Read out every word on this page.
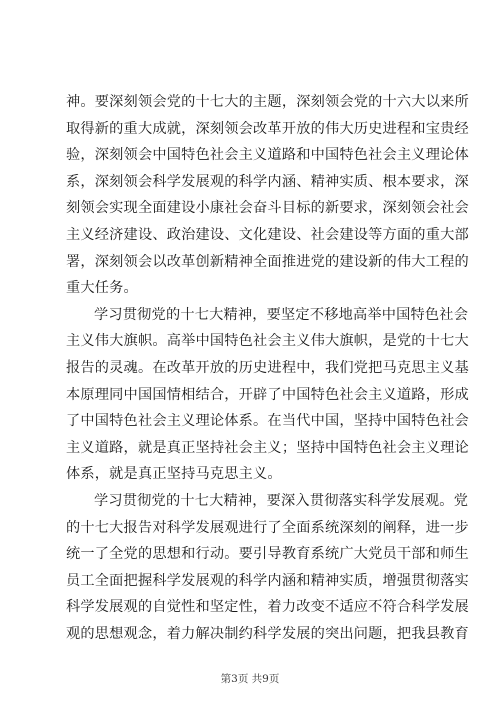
神。要深刻领会党的十七大的主题，深刻领会党的十六大以来所
取得新的重大成就，深刻领会改革开放的伟大历史进程和宝贵经
验，深刻领会中国特色社会主义道路和中国特色社会主义理论体
系，深刻领会科学发展观的科学内涵、精神实质、根本要求，深
刻领会实现全面建设小康社会奋斗目标的新要求，深刻领会社会
主义经济建设、政治建设、文化建设、社会建设等方面的重大部
署，深刻领会以改革创新精神全面推进党的建设新的伟大工程的
重大任务。
学习贯彻党的十七大精神，要坚定不移地高举中国特色社会
主义伟大旗帜。高举中国特色社会主义伟大旗帜，是党的十七大
报告的灵魂。在改革开放的历史进程中，我们党把马克思主义基
本原理同中国国情相结合，开辟了中国特色社会主义道路，形成
了中国特色社会主义理论体系。在当代中国，坚持中国特色社会
主义道路，就是真正坚持社会主义；坚持中国特色社会主义理论
体系，就是真正坚持马克思主义。
学习贯彻党的十七大精神，要深入贯彻落实科学发展观。党
的十七大报告对科学发展观进行了全面系统深刻的阐释，进一步
统一了全党的思想和行动。要引导教育系统广大党员干部和师生
员工全面把握科学发展观的科学内涵和精神实质，增强贯彻落实
科学发展观的自觉性和坚定性，着力改变不适应不符合科学发展
观的思想观念，着力解决制约科学发展的突出问题，把我县教育
第3页 共9页
